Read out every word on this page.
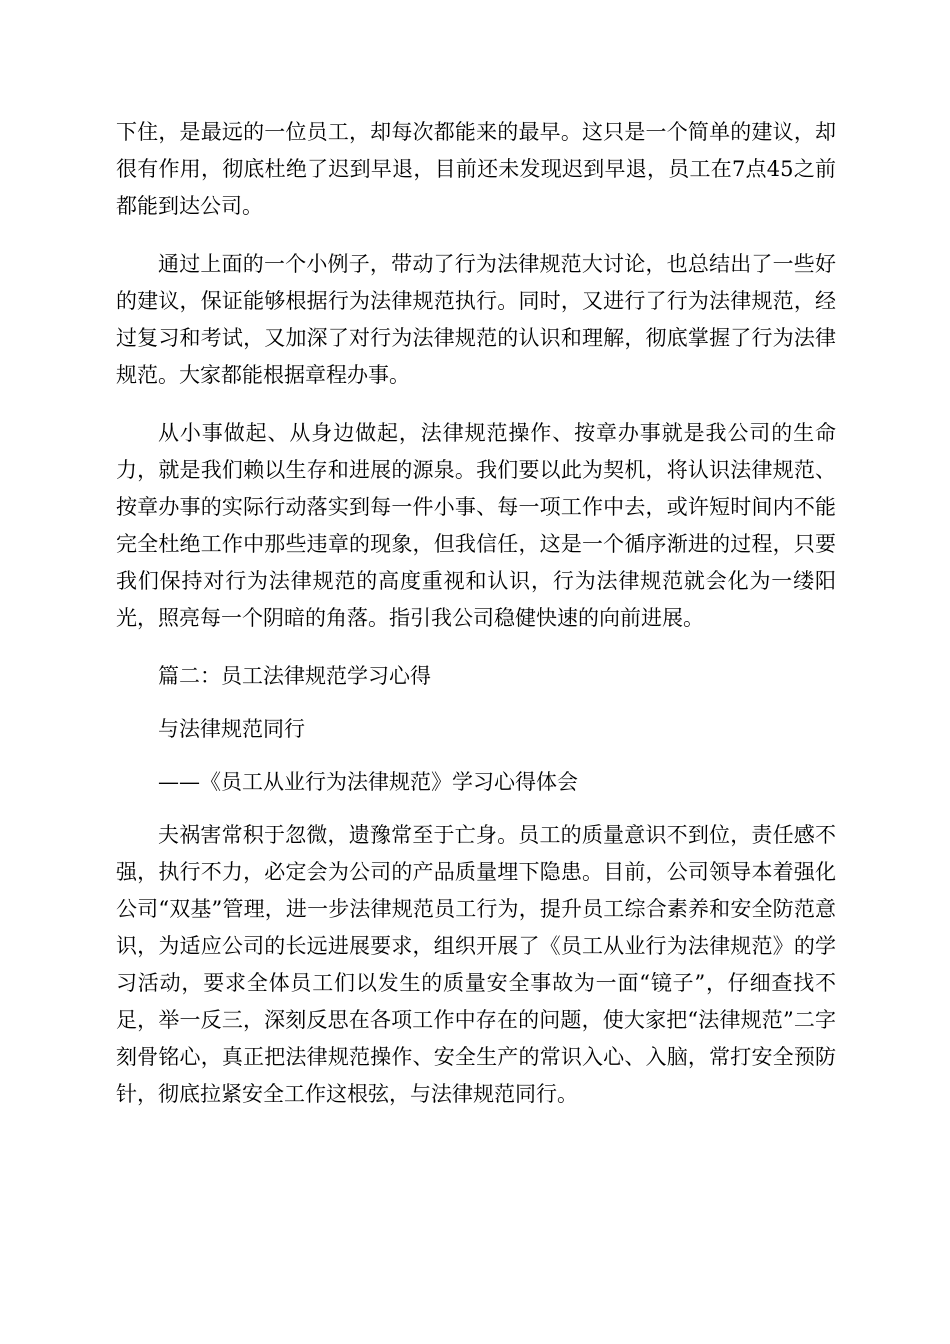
下住，是最远的一位员工，却每次都能来的最早。这只是一个简单的建议，却很有作用，彻底杜绝了迟到早退，目前还未发现迟到早退，员工在7点45之前都能到达公司。

通过上面的一个小例子，带动了行为法律规范大讨论，也总结出了一些好的建议，保证能够根据行为法律规范执行。同时，又进行了行为法律规范，经过复习和考试，又加深了对行为法律规范的认识和理解，彻底掌握了行为法律规范。大家都能根据章程办事。

从小事做起、从身边做起，法律规范操作、按章办事就是我公司的生命力，就是我们赖以生存和进展的源泉。我们要以此为契机，将认识法律规范、按章办事的实际行动落实到每一件小事、每一项工作中去，或许短时间内不能完全杜绝工作中那些违章的现象，但我信任，这是一个循序渐进的过程，只要我们保持对行为法律规范的高度重视和认识，行为法律规范就会化为一缕阳光，照亮每一个阴暗的角落。指引我公司稳健快速的向前进展。

篇二：员工法律规范学习心得

与法律规范同行

——《员工从业行为法律规范》学习心得体会

夫祸害常积于忽微，遗豫常至于亡身。员工的质量意识不到位，责任感不强，执行不力，必定会为公司的产品质量埋下隐患。目前，公司领导本着强化公司“双基”管理，进一步法律规范员工行为，提升员工综合素养和安全防范意识，为适应公司的长远进展要求，组织开展了《员工从业行为法律规范》的学习活动，要求全体员工们以发生的质量安全事故为一面“镜子”，仔细查找不足，举一反三，深刻反思在各项工作中存在的问题，使大家把“法律规范”二字刻骨铭心，真正把法律规范操作、安全生产的常识入心、入脑，常打安全预防针，彻底拉紧安全工作这根弦，与法律规范同行。
